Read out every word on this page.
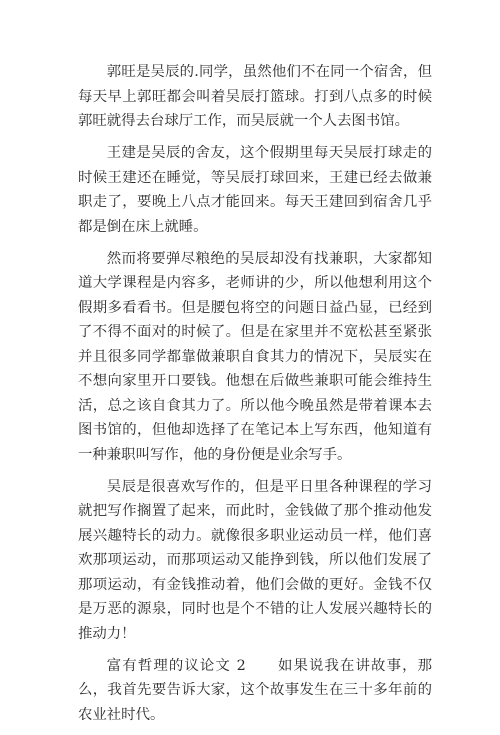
郭旺是吴辰的.同学，虽然他们不在同一个宿舍，但每天早上郭旺都会叫着吴辰打篮球。打到八点多的时候郭旺就得去台球厅工作，而吴辰就一个人去图书馆。

王建是吴辰的舍友，这个假期里每天吴辰打球走的时候王建还在睡觉，等吴辰打球回来，王建已经去做兼职走了，要晚上八点才能回来。每天王建回到宿舍几乎都是倒在床上就睡。

然而将要弹尽粮绝的吴辰却没有找兼职，大家都知道大学课程是内容多，老师讲的少，所以他想利用这个假期多看看书。但是腰包将空的问题日益凸显，已经到了不得不面对的时候了。但是在家里并不宽松甚至紧张并且很多同学都靠做兼职自食其力的情况下，吴辰实在不想向家里开口要钱。他想在后做些兼职可能会维持生活，总之该自食其力了。所以他今晚虽然是带着课本去图书馆的，但他却选择了在笔记本上写东西，他知道有一种兼职叫写作，他的身份便是业余写手。

吴辰是很喜欢写作的，但是平日里各种课程的学习就把写作搁置了起来，而此时，金钱做了那个推动他发展兴趣特长的动力。就像很多职业运动员一样，他们喜欢那项运动，而那项运动又能挣到钱，所以他们发展了那项运动，有金钱推动着，他们会做的更好。金钱不仅是万恶的源泉，同时也是个不错的让人发展兴趣特长的推动力！

富有哲理的议论文 2　　如果说我在讲故事，那么，我首先要告诉大家，这个故事发生在三十多年前的农业社时代。
